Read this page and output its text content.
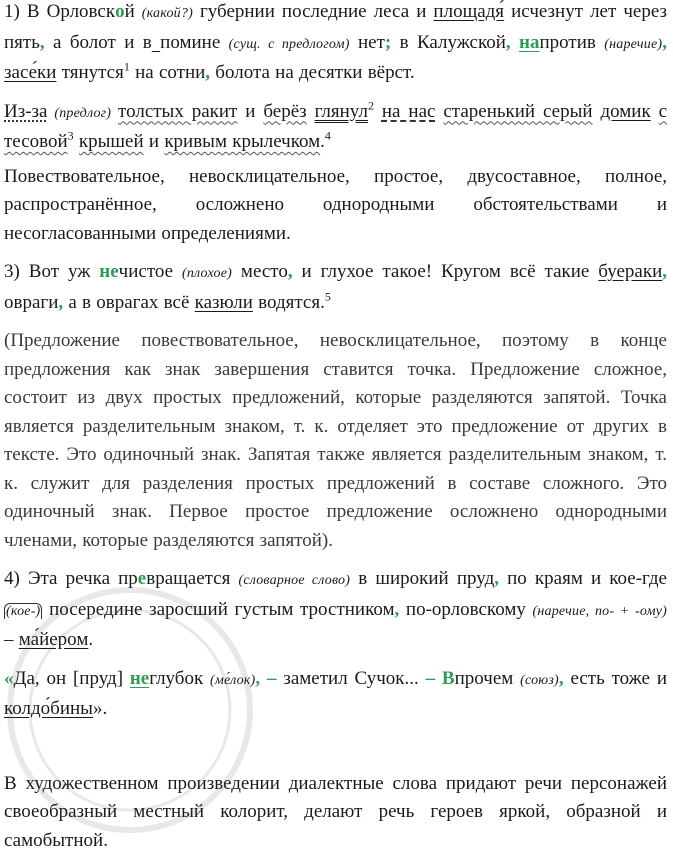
1) В Орловской (какой?) губернии последние леса и площадя́ исчезнут лет через пять, а болот и в помине (сущ. с предлогом) нет; в Калужской, напротив (наречие), засе́ки тянутся$^1$ на сотни, болота на десятки вёрст.

Из-за (предлог) толстых ракит и берёз глянул$^2$ на нас старенький серый домик с тесовой$^3$ крышей и кривым крылечком.$^4$

Повествовательное, невосклицательное, простое, двусоставное, полное, распространённое, осложнено однородными обстоятельствами и несогласованными определениями.

3) Вот уж нечистое (плохое) место, и глухое такое! Кругом всё такие буераки, овраги, а в оврагах всё казюли водятся.$^5$

(Предложение повествовательное, невосклицательное, поэтому в конце предложения как знак завершения ставится точка. Предложение сложное, состоит из двух простых предложений, которые разделяются запятой. Точка является разделительным знаком, т. к. отделяет это предложение от других в тексте. Это одиночный знак. Запятая также является разделительным знаком, т. к. служит для разделения простых предложений в составе сложного. Это одиночный знак. Первое простое предложение осложнено однородными членами, которые разделяются запятой).

4) Эта речка превращается (словарное слово) в широкий пруд, по краям и кое-где (кое-) посередине заросший густым тростником, по-орловскому (наречие, по- + -ому) – ма́йером.

«Да, он [пруд] неглубок (ме́лок), – заметил Сучок... – Впрочем (союз), есть тоже и колдо́бины».

В художественном произведении диалектные слова придают речи персонажей своеобразный местный колорит, делают речь героев яркой, образной и самобытной.
